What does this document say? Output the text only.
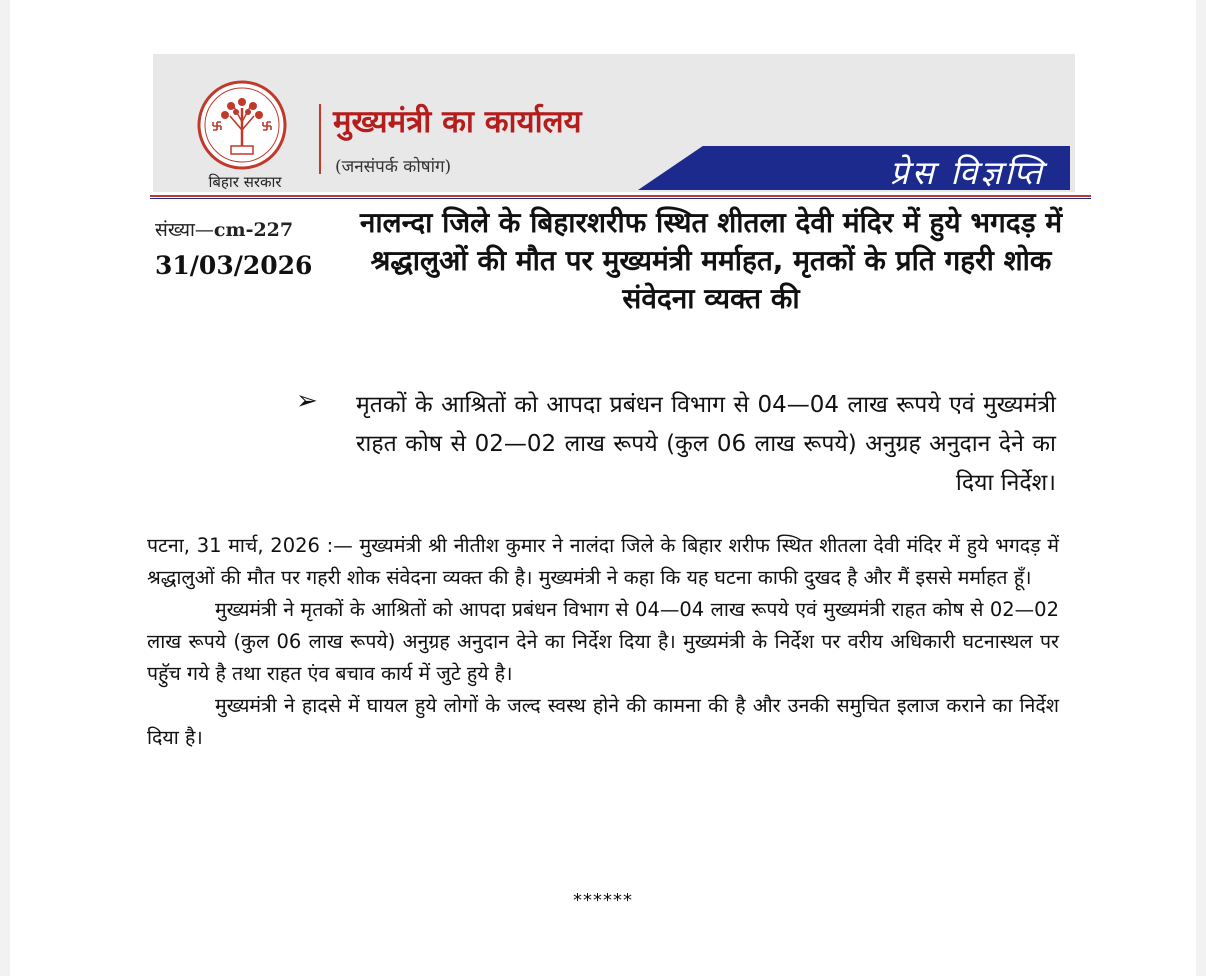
बिहार सरकार
मुख्यमंत्री का कार्यालय
(जनसंपर्क कोषांग)	प्रेस विज्ञप्ति
संख्या—cm-227
31/03/2026
नालन्दा जिले के बिहारशरीफ स्थित शीतला देवी मंदिर में हुये भगदड़ में श्रद्धालुओं की मौत पर मुख्यमंत्री मर्माहत, मृतकों के प्रति गहरी शोक संवेदना व्यक्त की
➢ मृतकों के आश्रितों को आपदा प्रबंधन विभाग से 04—04 लाख रूपये एवं मुख्यमंत्री राहत कोष से 02—02 लाख रूपये (कुल 06 लाख रूपये) अनुग्रह अनुदान देने का दिया निर्देश।

पटना, 31 मार्च, 2026 :— मुख्यमंत्री श्री नीतीश कुमार ने नालंदा जिले के बिहार शरीफ स्थित शीतला देवी मंदिर में हुये भगदड़ में श्रद्धालुओं की मौत पर गहरी शोक संवेदना व्यक्त की है। मुख्यमंत्री ने कहा कि यह घटना काफी दुखद है और मैं इससे मर्माहत हूँ।

मुख्यमंत्री ने मृतकों के आश्रितों को आपदा प्रबंधन विभाग से 04—04 लाख रूपये एवं मुख्यमंत्री राहत कोष से 02—02 लाख रूपये (कुल 06 लाख रूपये) अनुग्रह अनुदान देने का निर्देश दिया है। मुख्यमंत्री के निर्देश पर वरीय अधिकारी घटनास्थल पर पहॅुच गये है तथा राहत एंव बचाव कार्य में जुटे हुये है।

मुख्यमंत्री ने हादसे में घायल हुये लोगों के जल्द स्वस्थ होने की कामना की है और उनकी समुचित इलाज कराने का निर्देश दिया है।

******
